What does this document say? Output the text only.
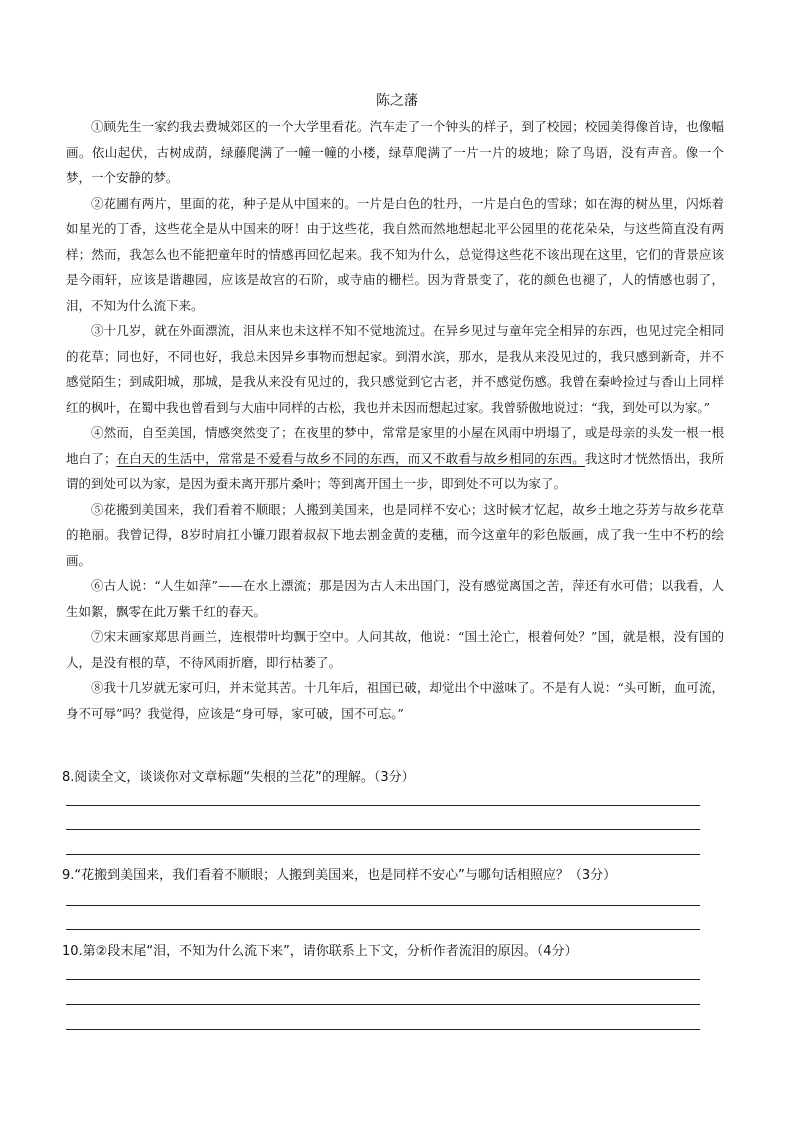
陈之藩

①顾先生一家约我去费城郊区的一个大学里看花。汽车走了一个钟头的样子，到了校园；校园美得像首诗，也像幅画。依山起伏，古树成荫，绿藤爬满了一幢一幢的小楼，绿草爬满了一片一片的坡地；除了鸟语，没有声音。像一个梦，一个安静的梦。

②花圃有两片，里面的花，种子是从中国来的。一片是白色的牡丹，一片是白色的雪球；如在海的树丛里，闪烁着如星光的丁香，这些花全是从中国来的呀！由于这些花，我自然而然地想起北平公园里的花花朵朵，与这些简直没有两样；然而，我怎么也不能把童年时的情感再回忆起来。我不知为什么，总觉得这些花不该出现在这里，它们的背景应该是今雨轩，应该是谐趣园，应该是故宫的石阶，或寺庙的栅栏。因为背景变了，花的颜色也褪了，人的情感也弱了，泪，不知为什么流下来。

③十几岁，就在外面漂流，泪从来也未这样不知不觉地流过。在异乡见过与童年完全相异的东西，也见过完全相同的花草；同也好，不同也好，我总未因异乡事物而想起家。到渭水滨，那水，是我从来没见过的，我只感到新奇，并不感觉陌生；到咸阳城，那城，是我从来没有见过的，我只感觉到它古老，并不感觉伤感。我曾在秦岭捡过与香山上同样红的枫叶，在蜀中我也曾看到与大庙中同样的古松，我也并未因而想起过家。我曾骄傲地说过：“我，到处可以为家。”

④然而，自至美国，情感突然变了；在夜里的梦中，常常是家里的小屋在风雨中坍塌了，或是母亲的头发一根一根地白了；在白天的生活中，常常是不爱看与故乡不同的东西，而又不敢看与故乡相同的东西。我这时才恍然悟出，我所谓的到处可以为家，是因为蚕未离开那片桑叶；等到离开国土一步，即到处不可以为家了。

⑤花搬到美国来，我们看着不顺眼；人搬到美国来，也是同样不安心；这时候才忆起，故乡土地之芬芳与故乡花草的艳丽。我曾记得，8岁时肩扛小镰刀跟着叔叔下地去割金黄的麦穗，而今这童年的彩色版画，成了我一生中不朽的绘画。

⑥古人说：“人生如萍”——在水上漂流；那是因为古人未出国门，没有感觉离国之苦，萍还有水可借；以我看，人生如絮，飘零在此万紫千红的春天。

⑦宋末画家郑思肖画兰，连根带叶均飘于空中。人问其故，他说：“国土沦亡，根着何处？”国，就是根，没有国的人，是没有根的草，不待风雨折磨，即行枯萎了。

⑧我十几岁就无家可归，并未觉其苦。十几年后，祖国已破，却觉出个中滋味了。不是有人说：“头可断，血可流，身不可辱”吗？我觉得，应该是“身可辱，家可破，国不可忘。”

8.阅读全文，谈谈你对文章标题“失根的兰花”的理解。（3分）
9.“花搬到美国来，我们看着不顺眼；人搬到美国来，也是同样不安心”与哪句话相照应？（3分）
10.第②段末尾“泪，不知为什么流下来”，请你联系上下文，分析作者流泪的原因。（4分）
